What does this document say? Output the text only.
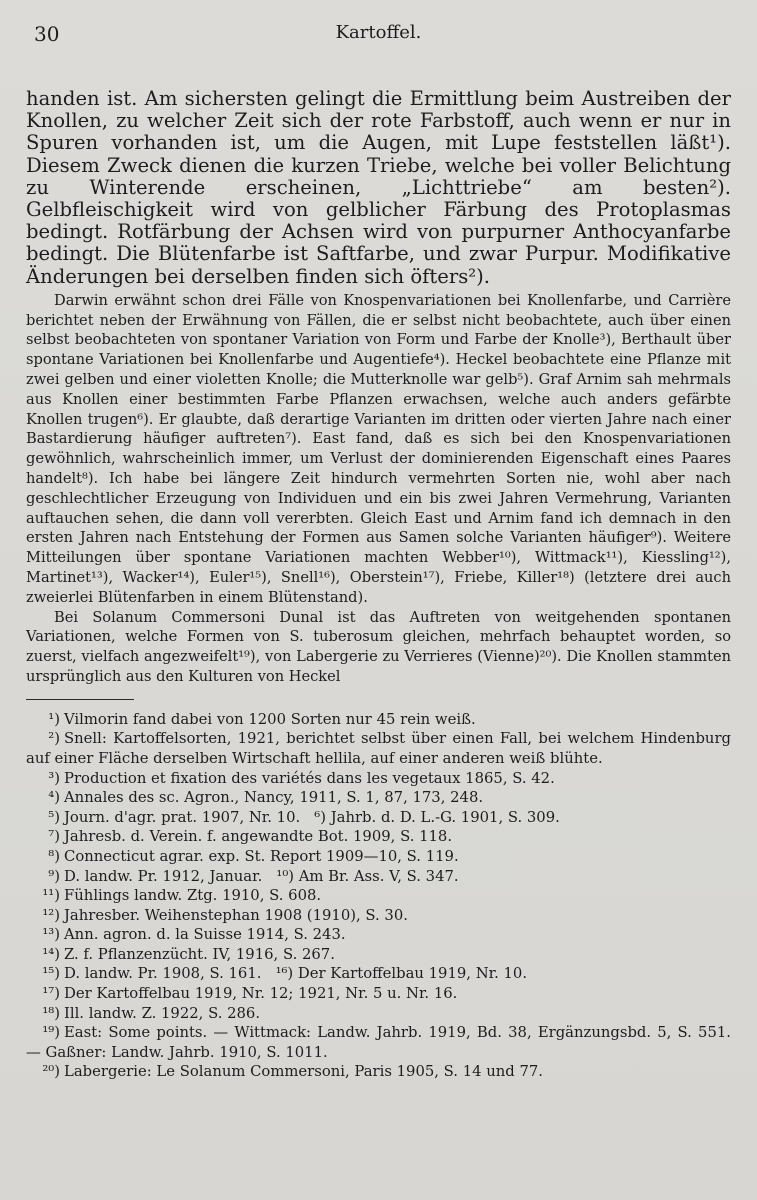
30	Kartoffel.

handen ist. Am sichersten gelingt die Ermittlung beim Austreiben der Knollen, zu welcher Zeit sich der rote Farbstoff, auch wenn er nur in Spuren vorhanden ist, um die Augen, mit Lupe feststellen läßt¹). Diesem Zweck dienen die kurzen Triebe, welche bei voller Belichtung zu Winterende erscheinen, „Lichttriebe“ am besten²). Gelbfleischigkeit wird von gelblicher Färbung des Protoplasmas bedingt. Rotfärbung der Achsen wird von purpurner Anthocyanfarbe bedingt. Die Blütenfarbe ist Saftfarbe, und zwar Purpur. Modifikative Änderungen bei derselben finden sich öfters²).

Darwin erwähnt schon drei Fälle von Knospenvariationen bei Knollenfarbe, und Carrière berichtet neben der Erwähnung von Fällen, die er selbst nicht beobachtete, auch über einen selbst beobachteten von spontaner Variation von Form und Farbe der Knolle³), Berthault über spontane Variationen bei Knollenfarbe und Augentiefe⁴). Heckel beobachtete eine Pflanze mit zwei gelben und einer violetten Knolle; die Mutterknolle war gelb⁵). Graf Arnim sah mehrmals aus Knollen einer bestimmten Farbe Pflanzen erwachsen, welche auch anders gefärbte Knollen trugen⁶). Er glaubte, daß derartige Varianten im dritten oder vierten Jahre nach einer Bastardierung häufiger auftreten⁷). East fand, daß es sich bei den Knospenvariationen gewöhnlich, wahrscheinlich immer, um Verlust der dominierenden Eigenschaft eines Paares handelt⁸). Ich habe bei längere Zeit hindurch vermehrten Sorten nie, wohl aber nach geschlechtlicher Erzeugung von Individuen und ein bis zwei Jahren Vermehrung, Varianten auftauchen sehen, die dann voll vererbten. Gleich East und Arnim fand ich demnach in den ersten Jahren nach Entstehung der Formen aus Samen solche Varianten häufiger⁹). Weitere Mitteilungen über spontane Variationen machten Webber¹⁰), Wittmack¹¹), Kiessling¹²), Martinet¹³), Wacker¹⁴), Euler¹⁵), Snell¹⁶), Oberstein¹⁷), Friebe, Killer¹⁸) (letztere drei auch zweierlei Blütenfarben in einem Blütenstand).

Bei Solanum Commersoni Dunal ist das Auftreten von weitgehenden spontanen Variationen, welche Formen von S. tuberosum gleichen, mehrfach behauptet worden, so zuerst, vielfach angezweifelt¹⁹), von Labergerie zu Verrieres (Vienne)²⁰). Die Knollen stammten ursprünglich aus den Kulturen von Heckel

¹) Vilmorin fand dabei von 1200 Sorten nur 45 rein weiß.

²) Snell: Kartoffelsorten, 1921, berichtet selbst über einen Fall, bei welchem Hindenburg auf einer Fläche derselben Wirtschaft hellila, auf einer anderen weiß blühte.

³) Production et fixation des variétés dans les vegetaux 1865, S. 42.

⁴) Annales des sc. Agron., Nancy, 1911, S. 1, 87, 173, 248.

⁵) Journ. d'agr. prat. 1907, Nr. 10.   ⁶) Jahrb. d. D. L.-G. 1901, S. 309.

⁷) Jahresb. d. Verein. f. angewandte Bot. 1909, S. 118.

⁸) Connecticut agrar. exp. St. Report 1909—10, S. 119.

⁹) D. landw. Pr. 1912, Januar.   ¹⁰) Am Br. Ass. V, S. 347.

¹¹) Fühlings landw. Ztg. 1910, S. 608.

¹²) Jahresber. Weihenstephan 1908 (1910), S. 30.

¹³) Ann. agron. d. la Suisse 1914, S. 243.

¹⁴) Z. f. Pflanzenzücht. IV, 1916, S. 267.

¹⁵) D. landw. Pr. 1908, S. 161.   ¹⁶) Der Kartoffelbau 1919, Nr. 10.

¹⁷) Der Kartoffelbau 1919, Nr. 12; 1921, Nr. 5 u. Nr. 16.

¹⁸) Ill. landw. Z. 1922, S. 286.

¹⁹) East: Some points. — Wittmack: Landw. Jahrb. 1919, Bd. 38, Ergänzungsbd. 5, S. 551. — Gaßner: Landw. Jahrb. 1910, S. 1011.

²⁰) Labergerie: Le Solanum Commersoni, Paris 1905, S. 14 und 77.
